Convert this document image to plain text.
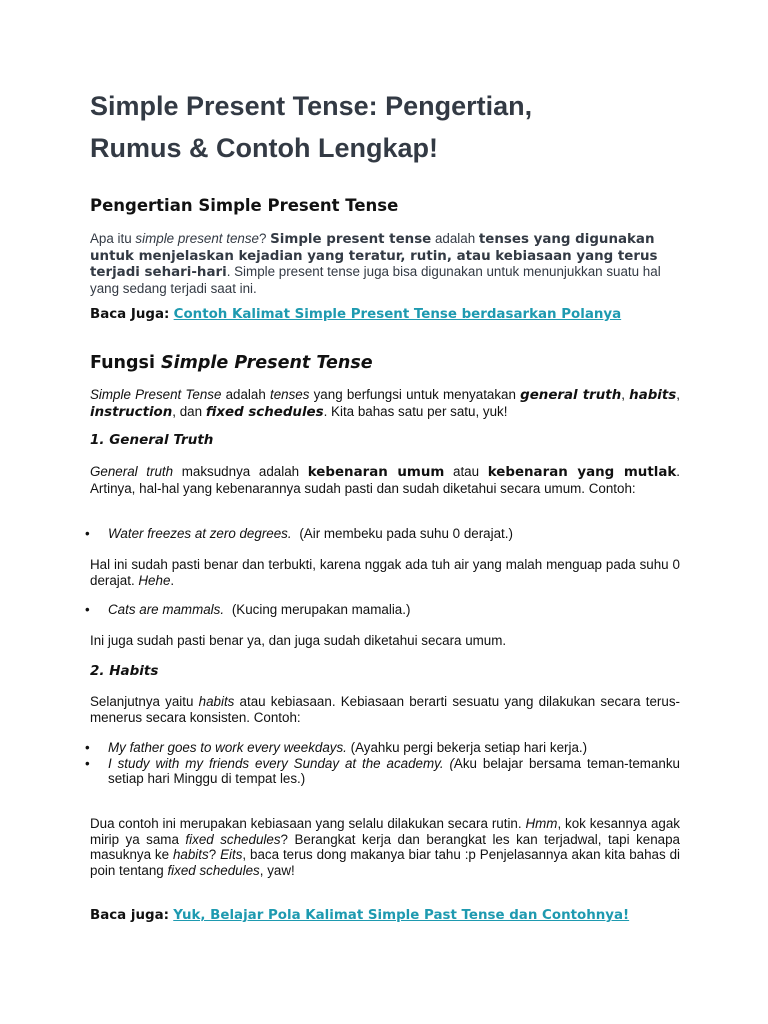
Simple Present Tense: Pengertian,
Rumus & Contoh Lengkap!
Pengertian Simple Present Tense

Apa itu simple present tense? Simple present tense adalah tenses yang digunakan untuk menjelaskan kejadian yang teratur, rutin, atau kebiasaan yang terus terjadi sehari-hari. Simple present tense juga bisa digunakan untuk menunjukkan suatu hal yang sedang terjadi saat ini.

Baca Juga: Contoh Kalimat Simple Present Tense berdasarkan Polanya

Fungsi Simple Present Tense

Simple Present Tense adalah tenses yang berfungsi untuk menyatakan general truth, habits, instruction, dan fixed schedules. Kita bahas satu per satu, yuk!

1. General Truth

General truth maksudnya adalah kebenaran umum atau kebenaran yang mutlak. Artinya, hal-hal yang kebenarannya sudah pasti dan sudah diketahui secara umum. Contoh:

• Water freezes at zero degrees. (Air membeku pada suhu 0 derajat.)

Hal ini sudah pasti benar dan terbukti, karena nggak ada tuh air yang malah menguap pada suhu 0 derajat. Hehe.

• Cats are mammals. (Kucing merupakan mamalia.)

Ini juga sudah pasti benar ya, dan juga sudah diketahui secara umum.

2. Habits

Selanjutnya yaitu habits atau kebiasaan. Kebiasaan berarti sesuatu yang dilakukan secara terus-menerus secara konsisten. Contoh:

• My father goes to work every weekdays. (Ayahku pergi bekerja setiap hari kerja.)
• I study with my friends every Sunday at the academy. (Aku belajar bersama teman-temanku setiap hari Minggu di tempat les.)

Dua contoh ini merupakan kebiasaan yang selalu dilakukan secara rutin. Hmm, kok kesannya agak mirip ya sama fixed schedules? Berangkat kerja dan berangkat les kan terjadwal, tapi kenapa masuknya ke habits? Eits, baca terus dong makanya biar tahu :p Penjelasannya akan kita bahas di poin tentang fixed schedules, yaw!

Baca juga: Yuk, Belajar Pola Kalimat Simple Past Tense dan Contohnya!
